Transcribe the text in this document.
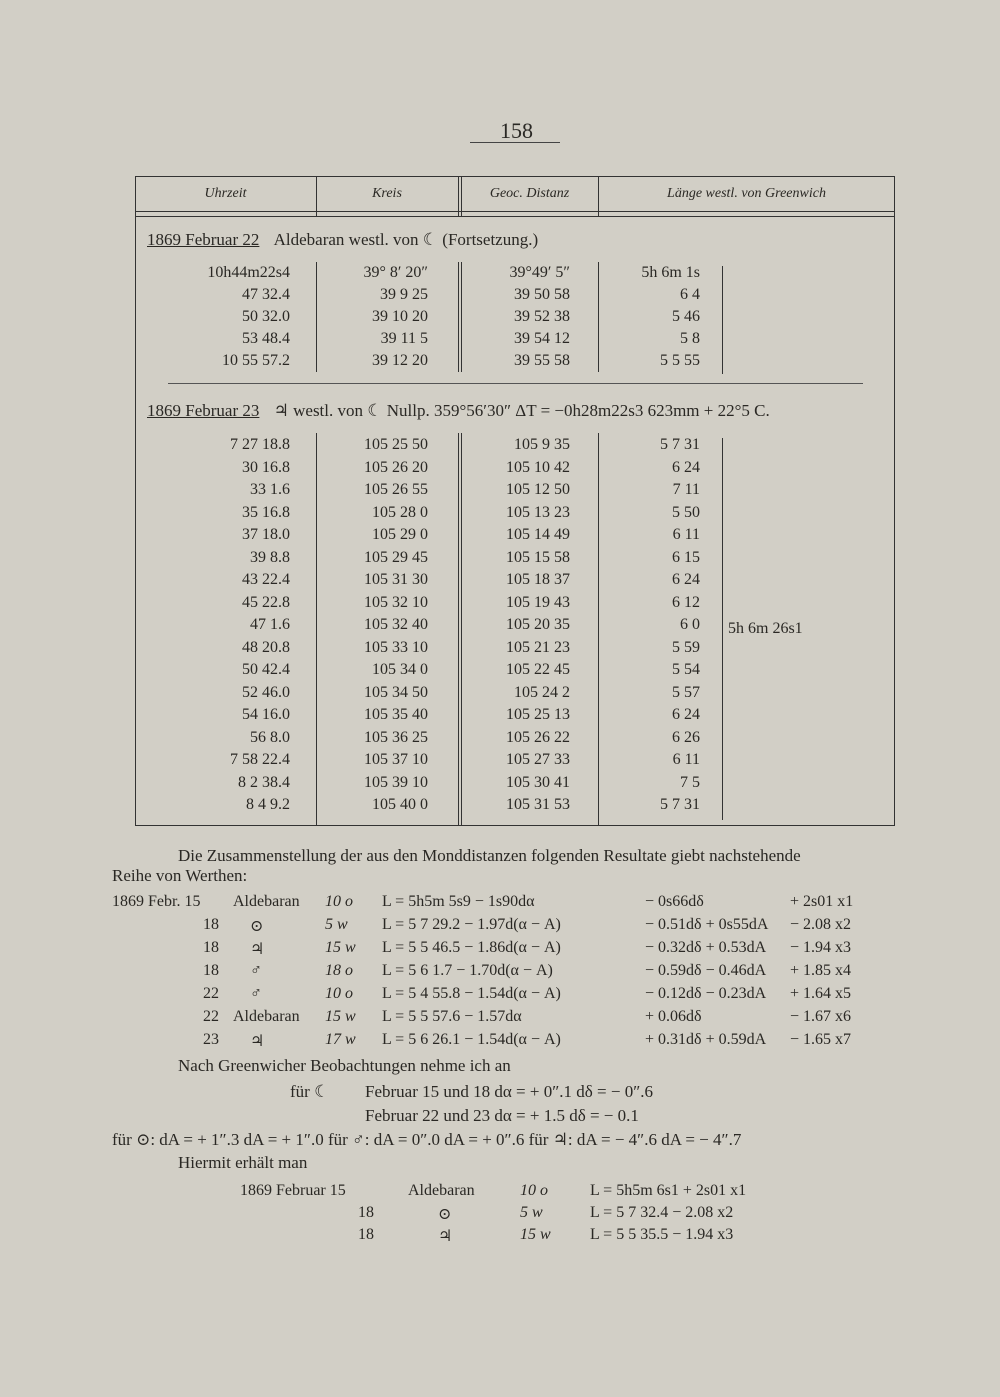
158
Uhrzeit	Kreis	Geoc. Distanz	Länge westl. von Greenwich
1869 Februar 22 Aldebaran westl. von ☾ (Fortsetzung.)
10h44m22s4	39° 8′ 20″	39°49′ 5″	5h 6m 1s
47 32.4	39 9 25	39 50 58	6 4
50 32.0	39 10 20	39 52 38	5 46
53 48.4	39 11 5	39 54 12	5 8
10 55 57.2	39 12 20	39 55 58	5 5 55
1869 Februar 23 ♃ westl. von ☾ Nullp. 359°56′30″ ΔT = −0h28m22s3 623mm + 22°5 C.
5h 6m 26s1
7 27 18.8	105 25 50	105 9 35	5 7 31
30 16.8	105 26 20	105 10 42	6 24
33 1.6	105 26 55	105 12 50	7 11
35 16.8	105 28 0	105 13 23	5 50
37 18.0	105 29 0	105 14 49	6 11
39 8.8	105 29 45	105 15 58	6 15
43 22.4	105 31 30	105 18 37	6 24
45 22.8	105 32 10	105 19 43	6 12
47 1.6	105 32 40	105 20 35	6 0
48 20.8	105 33 10	105 21 23	5 59
50 42.4	105 34 0	105 22 45	5 54
52 46.0	105 34 50	105 24 2	5 57
54 16.0	105 35 40	105 25 13	6 24
56 8.0	105 36 25	105 26 22	6 26
7 58 22.4	105 37 10	105 27 33	6 11
8 2 38.4	105 39 10	105 30 41	7 5
8 4 9.2	105 40 0	105 31 53	5 7 31
Die Zusammenstellung der aus den Monddistanzen folgenden Resultate giebt nachstehende
Reihe von Werthen:
1869 Febr. 15 Aldebaran 10 o L = 5h5m 5s9 − 1s90dα	− 0s66dδ	+ 2s01 x1
18 ⊙	5 w L = 5 7 29.2 − 1.97d(α − A)	− 0.51dδ + 0s55dA − 2.08 x2
18 ♃	15 w L = 5 5 46.5 − 1.86d(α − A)	− 0.32dδ + 0.53dA − 1.94 x3
18 ♂	18 o L = 5 6 1.7 − 1.70d(α − A)	− 0.59dδ − 0.46dA + 1.85 x4
22 ♂	10 o L = 5 4 55.8 − 1.54d(α − A)	− 0.12dδ − 0.23dA + 1.64 x5
22 Aldebaran 15 w L = 5 5 57.6 − 1.57dα	+ 0.06dδ	− 1.67 x6
23 ♃	17 w L = 5 6 26.1 − 1.54d(α − A)	+ 0.31dδ + 0.59dA − 1.65 x7
Nach Greenwicher Beobachtungen nehme ich an
für ☾ Februar 15 und 18 dα = + 0″.1 dδ = − 0″.6
Februar 22 und 23 dα = + 1.5 dδ = − 0.1
für ⊙: dA = + 1″.3 dA = + 1″.0 für ♂: dA = 0″.0 dA = + 0″.6 für ♃: dA = − 4″.6 dA = − 4″.7
Hiermit erhält man
1869 Februar 15	Aldebaran	10 o	L = 5h5m 6s1 + 2s01 x1
18	⊙	5 w	L = 5 7 32.4 − 2.08 x2
18	♃	15 w L = 5 5 35.5 − 1.94 x3
